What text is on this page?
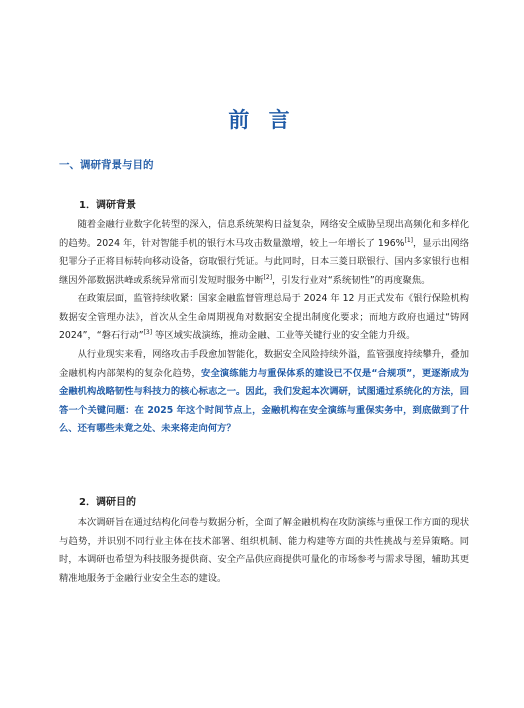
前 言
一、调研背景与目的
1．调研背景
随着金融行业数字化转型的深入，信息系统架构日益复杂，网络安全威胁呈现出高频化和多样化的趋势。2024 年，针对智能手机的银行木马攻击数量激增，较上一年增长了 196%[1]，显示出网络犯罪分子正将目标转向移动设备，窃取银行凭证。与此同时，日本三菱日联银行、国内多家银行也相继因外部数据洪峰或系统异常而引发短时服务中断[2]，引发行业对“系统韧性”的再度聚焦。
在政策层面，监管持续收紧：国家金融监督管理总局于 2024 年 12 月正式发布《银行保险机构数据安全管理办法》，首次从全生命周期视角对数据安全提出制度化要求；而地方政府也通过“铸网 2024”，“磐石行动”[3] 等区域实战演练，推动金融、工业等关键行业的安全能力升级。
从行业现实来看，网络攻击手段愈加智能化，数据安全风险持续外溢，监管强度持续攀升，叠加金融机构内部架构的复杂化趋势，安全演练能力与重保体系的建设已不仅是“合规项”，更逐渐成为金融机构战略韧性与科技力的核心标志之一。因此，我们发起本次调研，试图通过系统化的方法，回答一个关键问题：在 2025 年这个时间节点上，金融机构在安全演练与重保实务中，到底做到了什么、还有哪些未竟之处、未来将走向何方？
2．调研目的
本次调研旨在通过结构化问卷与数据分析，全面了解金融机构在攻防演练与重保工作方面的现状与趋势，并识别不同行业主体在技术部署、组织机制、能力构建等方面的共性挑战与差异策略。同时，本调研也希望为科技服务提供商、安全产品供应商提供可量化的市场参考与需求导图，辅助其更精准地服务于金融行业安全生态的建设。
